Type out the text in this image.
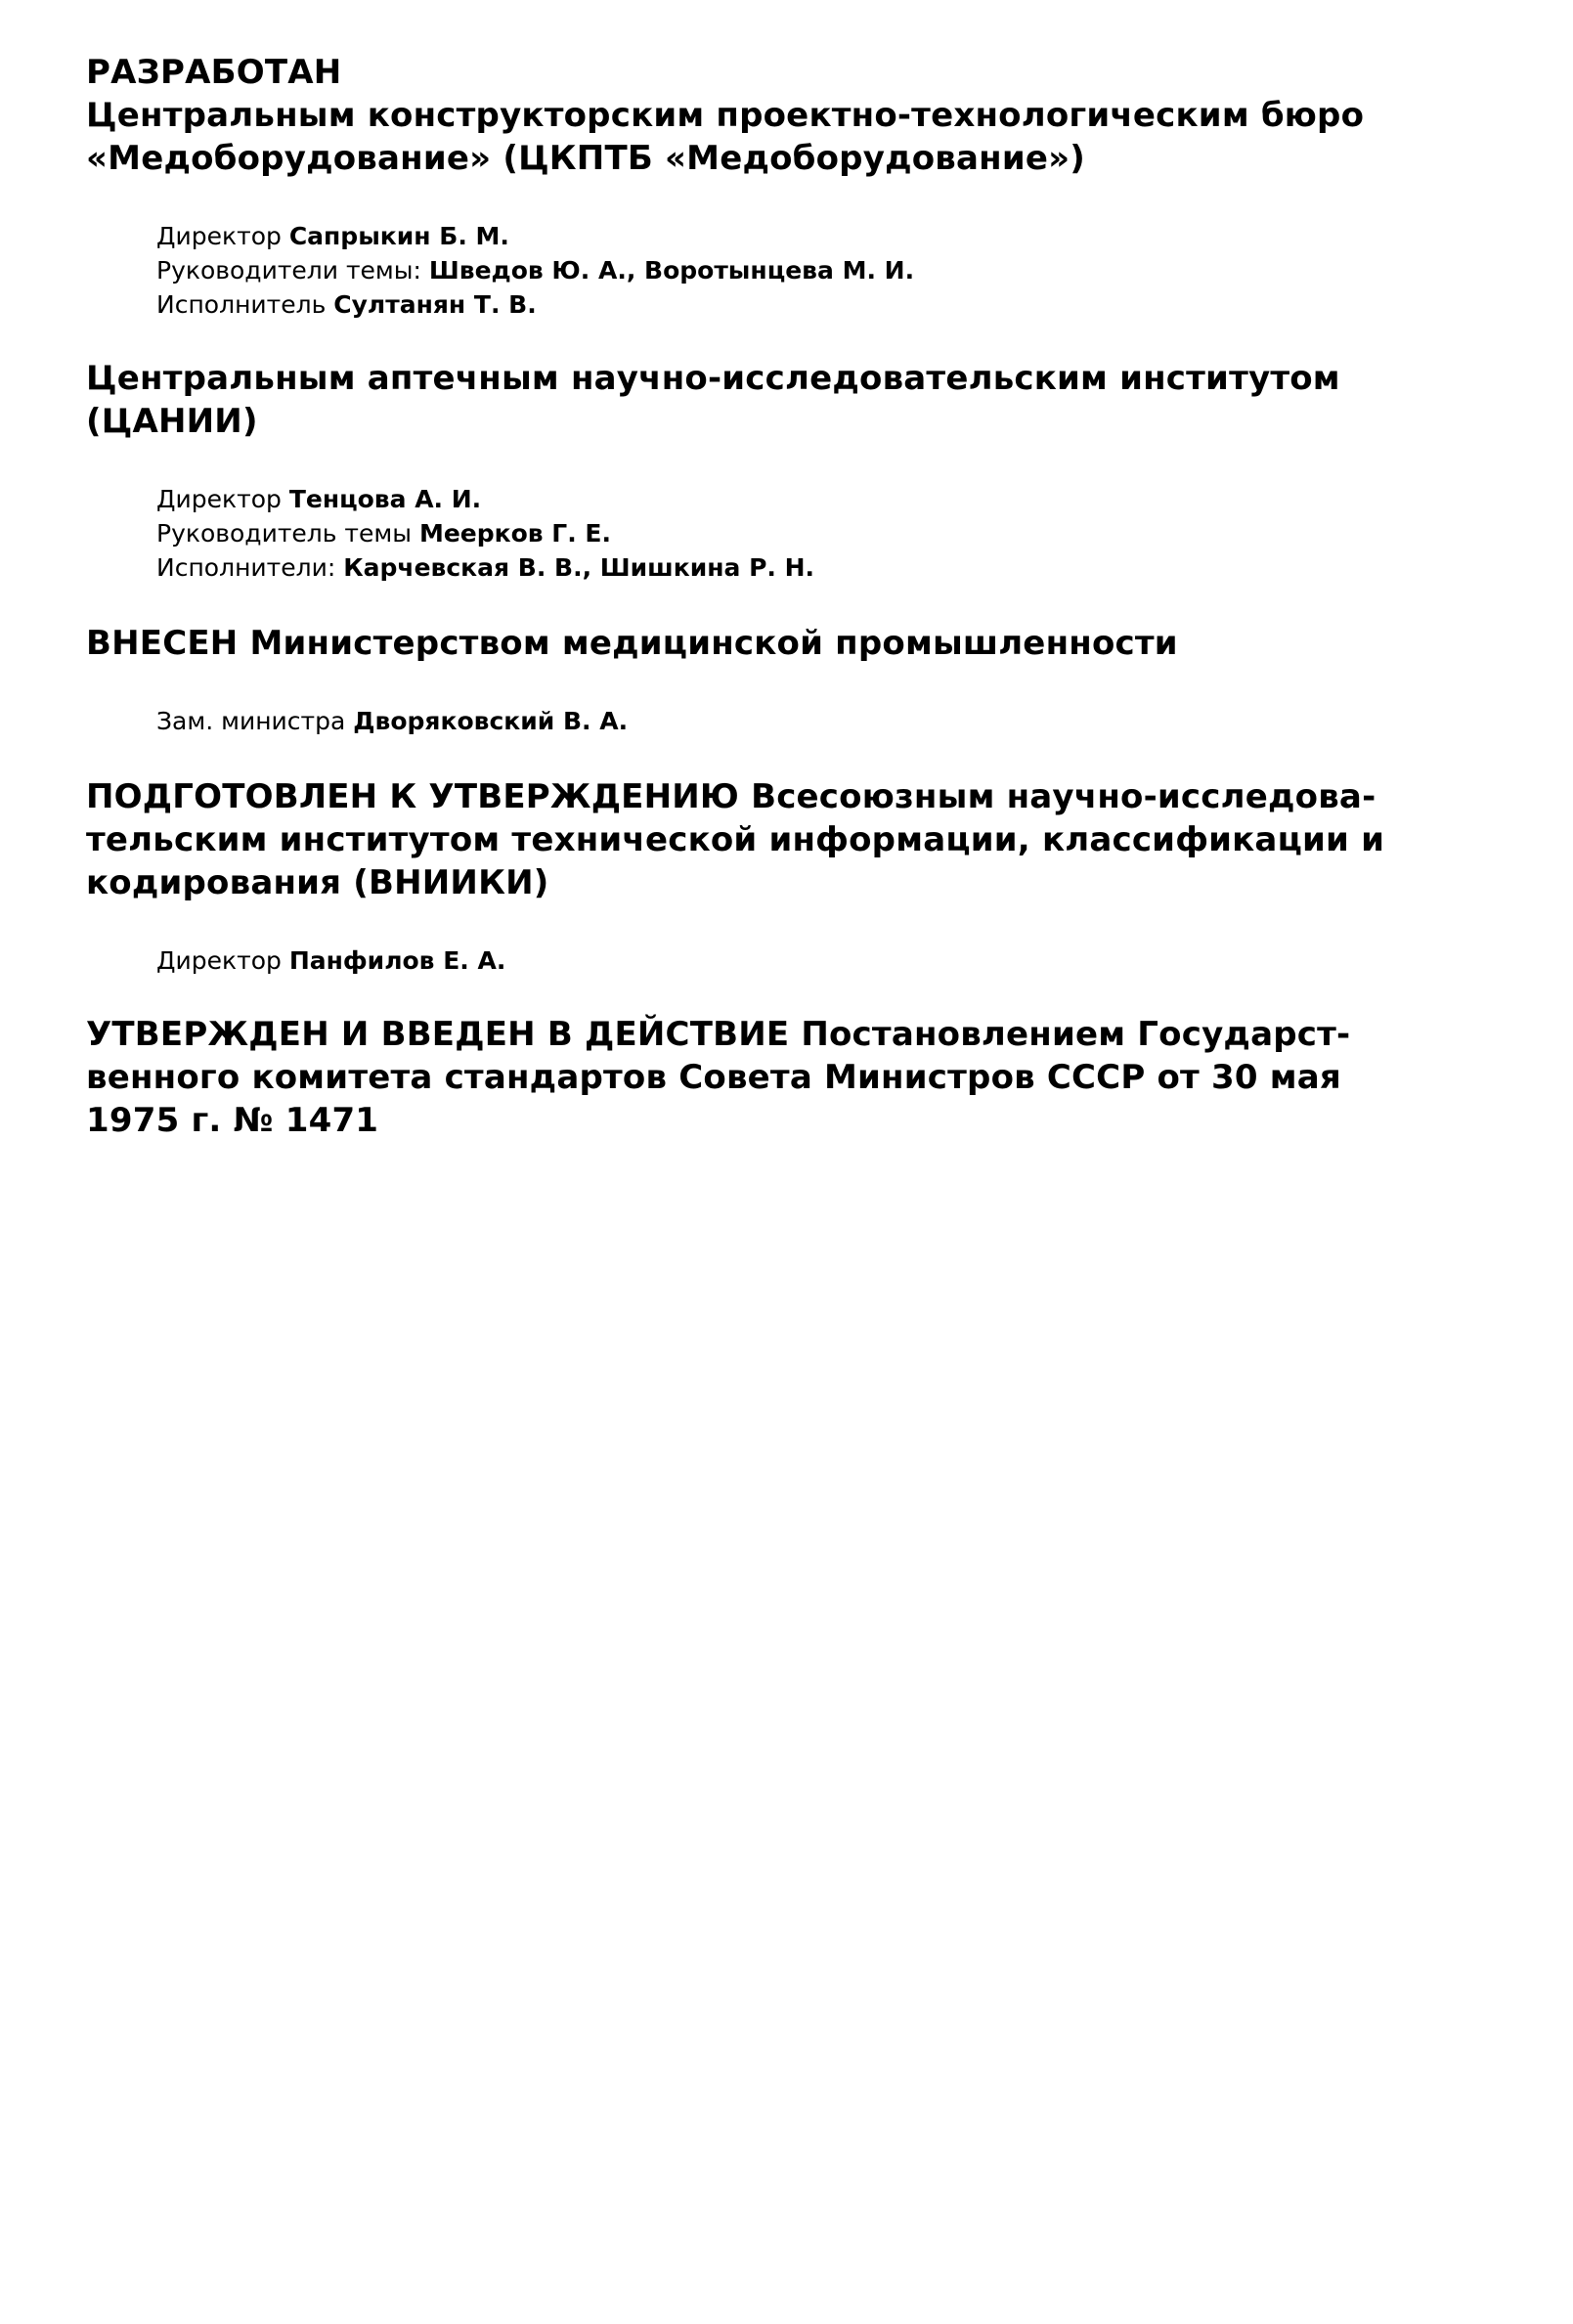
РАЗРАБОТАН

Центральным конструкторским проектно-технологическим бюро

«Медоборудование» (ЦКПТБ «Медоборудование»)

Директор Сапрыкин Б. М.
Руководители темы: Шведов Ю. А., Воротынцева М. И.
Исполнитель Султанян Т. В.

Центральным аптечным научно-исследовательским институтом

(ЦАНИИ)

Директор Тенцова А. И.
Руководитель темы Меерков Г. Е.
Исполнители: Карчевская В. В., Шишкина Р. Н.

ВНЕСЕН Министерством медицинской промышленности

Зам. министра Дворяковский В. А.

ПОДГОТОВЛЕН К УТВЕРЖДЕНИЮ Всесоюзным научно-исследова-

тельским институтом технической информации, классификации и

кодирования (ВНИИКИ)

Директор Панфилов Е. А.

УТВЕРЖДЕН И ВВЕДЕН В ДЕЙСТВИЕ Постановлением Государст-

венного комитета стандартов Совета Министров СССР от 30 мая

1975 г. № 1471
